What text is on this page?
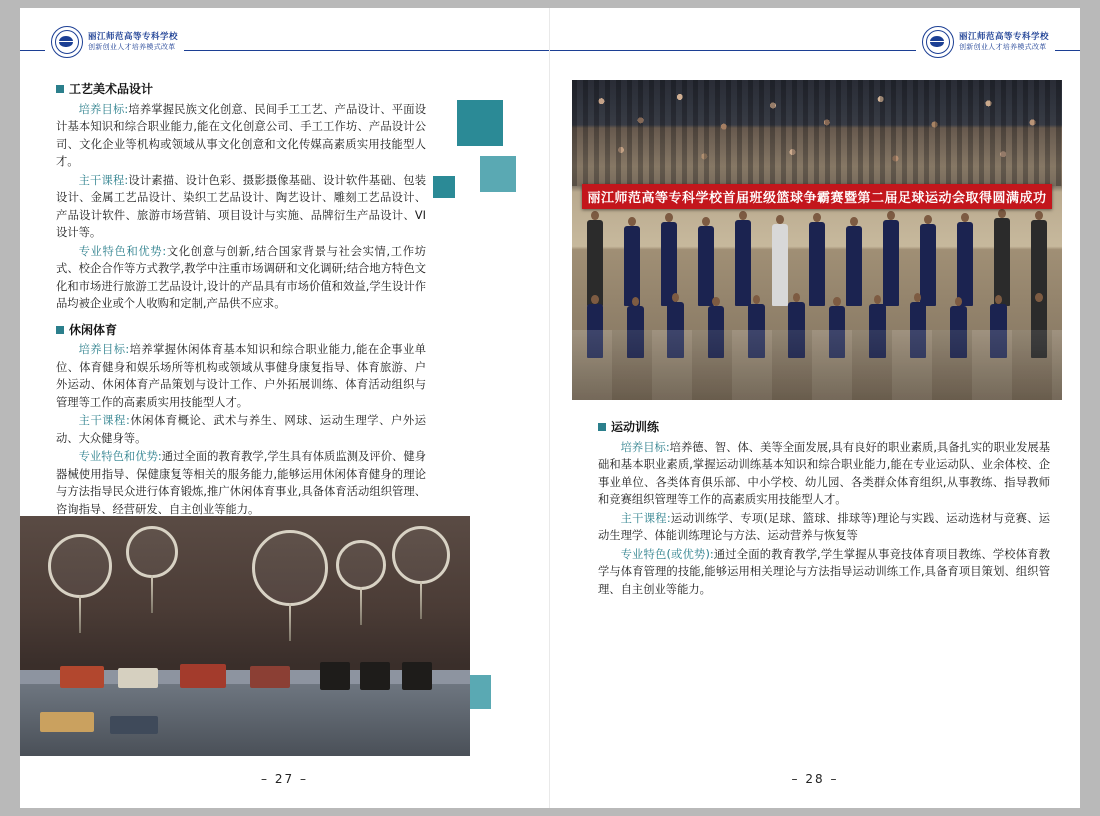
丽江师范高等专科学校
创新创业人才培养模式改革
工艺美术品设计

培养目标:培养掌握民族文化创意、民间手工工艺、产品设计、平面设计基本知识和综合职业能力,能在文化创意公司、手工工作坊、产品设计公司、文化企业等机构或领域从事文化创意和文化传媒高素质实用技能型人才。

主干课程:设计素描、设计色彩、摄影摄像基础、设计软件基础、包装设计、金属工艺品设计、染织工艺品设计、陶艺设计、雕刻工艺品设计、产品设计软件、旅游市场营销、项目设计与实施、品牌衍生产品设计、VI设计等。

专业特色和优势:文化创意与创新,结合国家背景与社会实情,工作坊式、校企合作等方式教学,教学中注重市场调研和文化调研;结合地方特色文化和市场进行旅游工艺品设计,设计的产品具有市场价值和效益,学生设计作品均被企业或个人收购和定制,产品供不应求。

休闲体育

培养目标:培养掌握休闲体育基本知识和综合职业能力,能在企事业单位、体育健身和娱乐场所等机构或领域从事健身康复指导、体育旅游、户外运动、休闲体育产品策划与设计工作、户外拓展训练、体育活动组织与管理等工作的高素质实用技能型人才。

主干课程:休闲体育概论、武术与养生、网球、运动生理学、户外运动、大众健身等。

专业特色和优势:通过全面的教育教学,学生具有体质监测及评价、健身器械使用指导、保健康复等相关的服务能力,能够运用休闲体育健身的理论与方法指导民众进行体育锻炼,推广休闲体育事业,具备体育活动组织管理、咨询指导、经营研发、自主创业等能力。

– 27 –
丽江师范高等专科学校
创新创业人才培养模式改革
丽江师范高等专科学校首届班级篮球争霸赛暨第二届足球运动会取得圆满成功
运动训练

培养目标:培养德、智、体、美等全面发展,具有良好的职业素质,具备扎实的职业发展基础和基本职业素质,掌握运动训练基本知识和综合职业能力,能在专业运动队、业余体校、企事业单位、各类体育俱乐部、中小学校、幼儿园、各类群众体育组织,从事教练、指导教师和竞赛组织管理等工作的高素质实用技能型人才。

主干课程:运动训练学、专项(足球、篮球、排球等)理论与实践、运动选材与竞赛、运动生理学、体能训练理论与方法、运动营养与恢复等

专业特色(或优势):通过全面的教育教学,学生掌握从事竞技体育项目教练、学校体育教学与体育管理的技能,能够运用相关理论与方法指导运动训练工作,具备育项目策划、组织管理、自主创业等能力。

– 28 –
